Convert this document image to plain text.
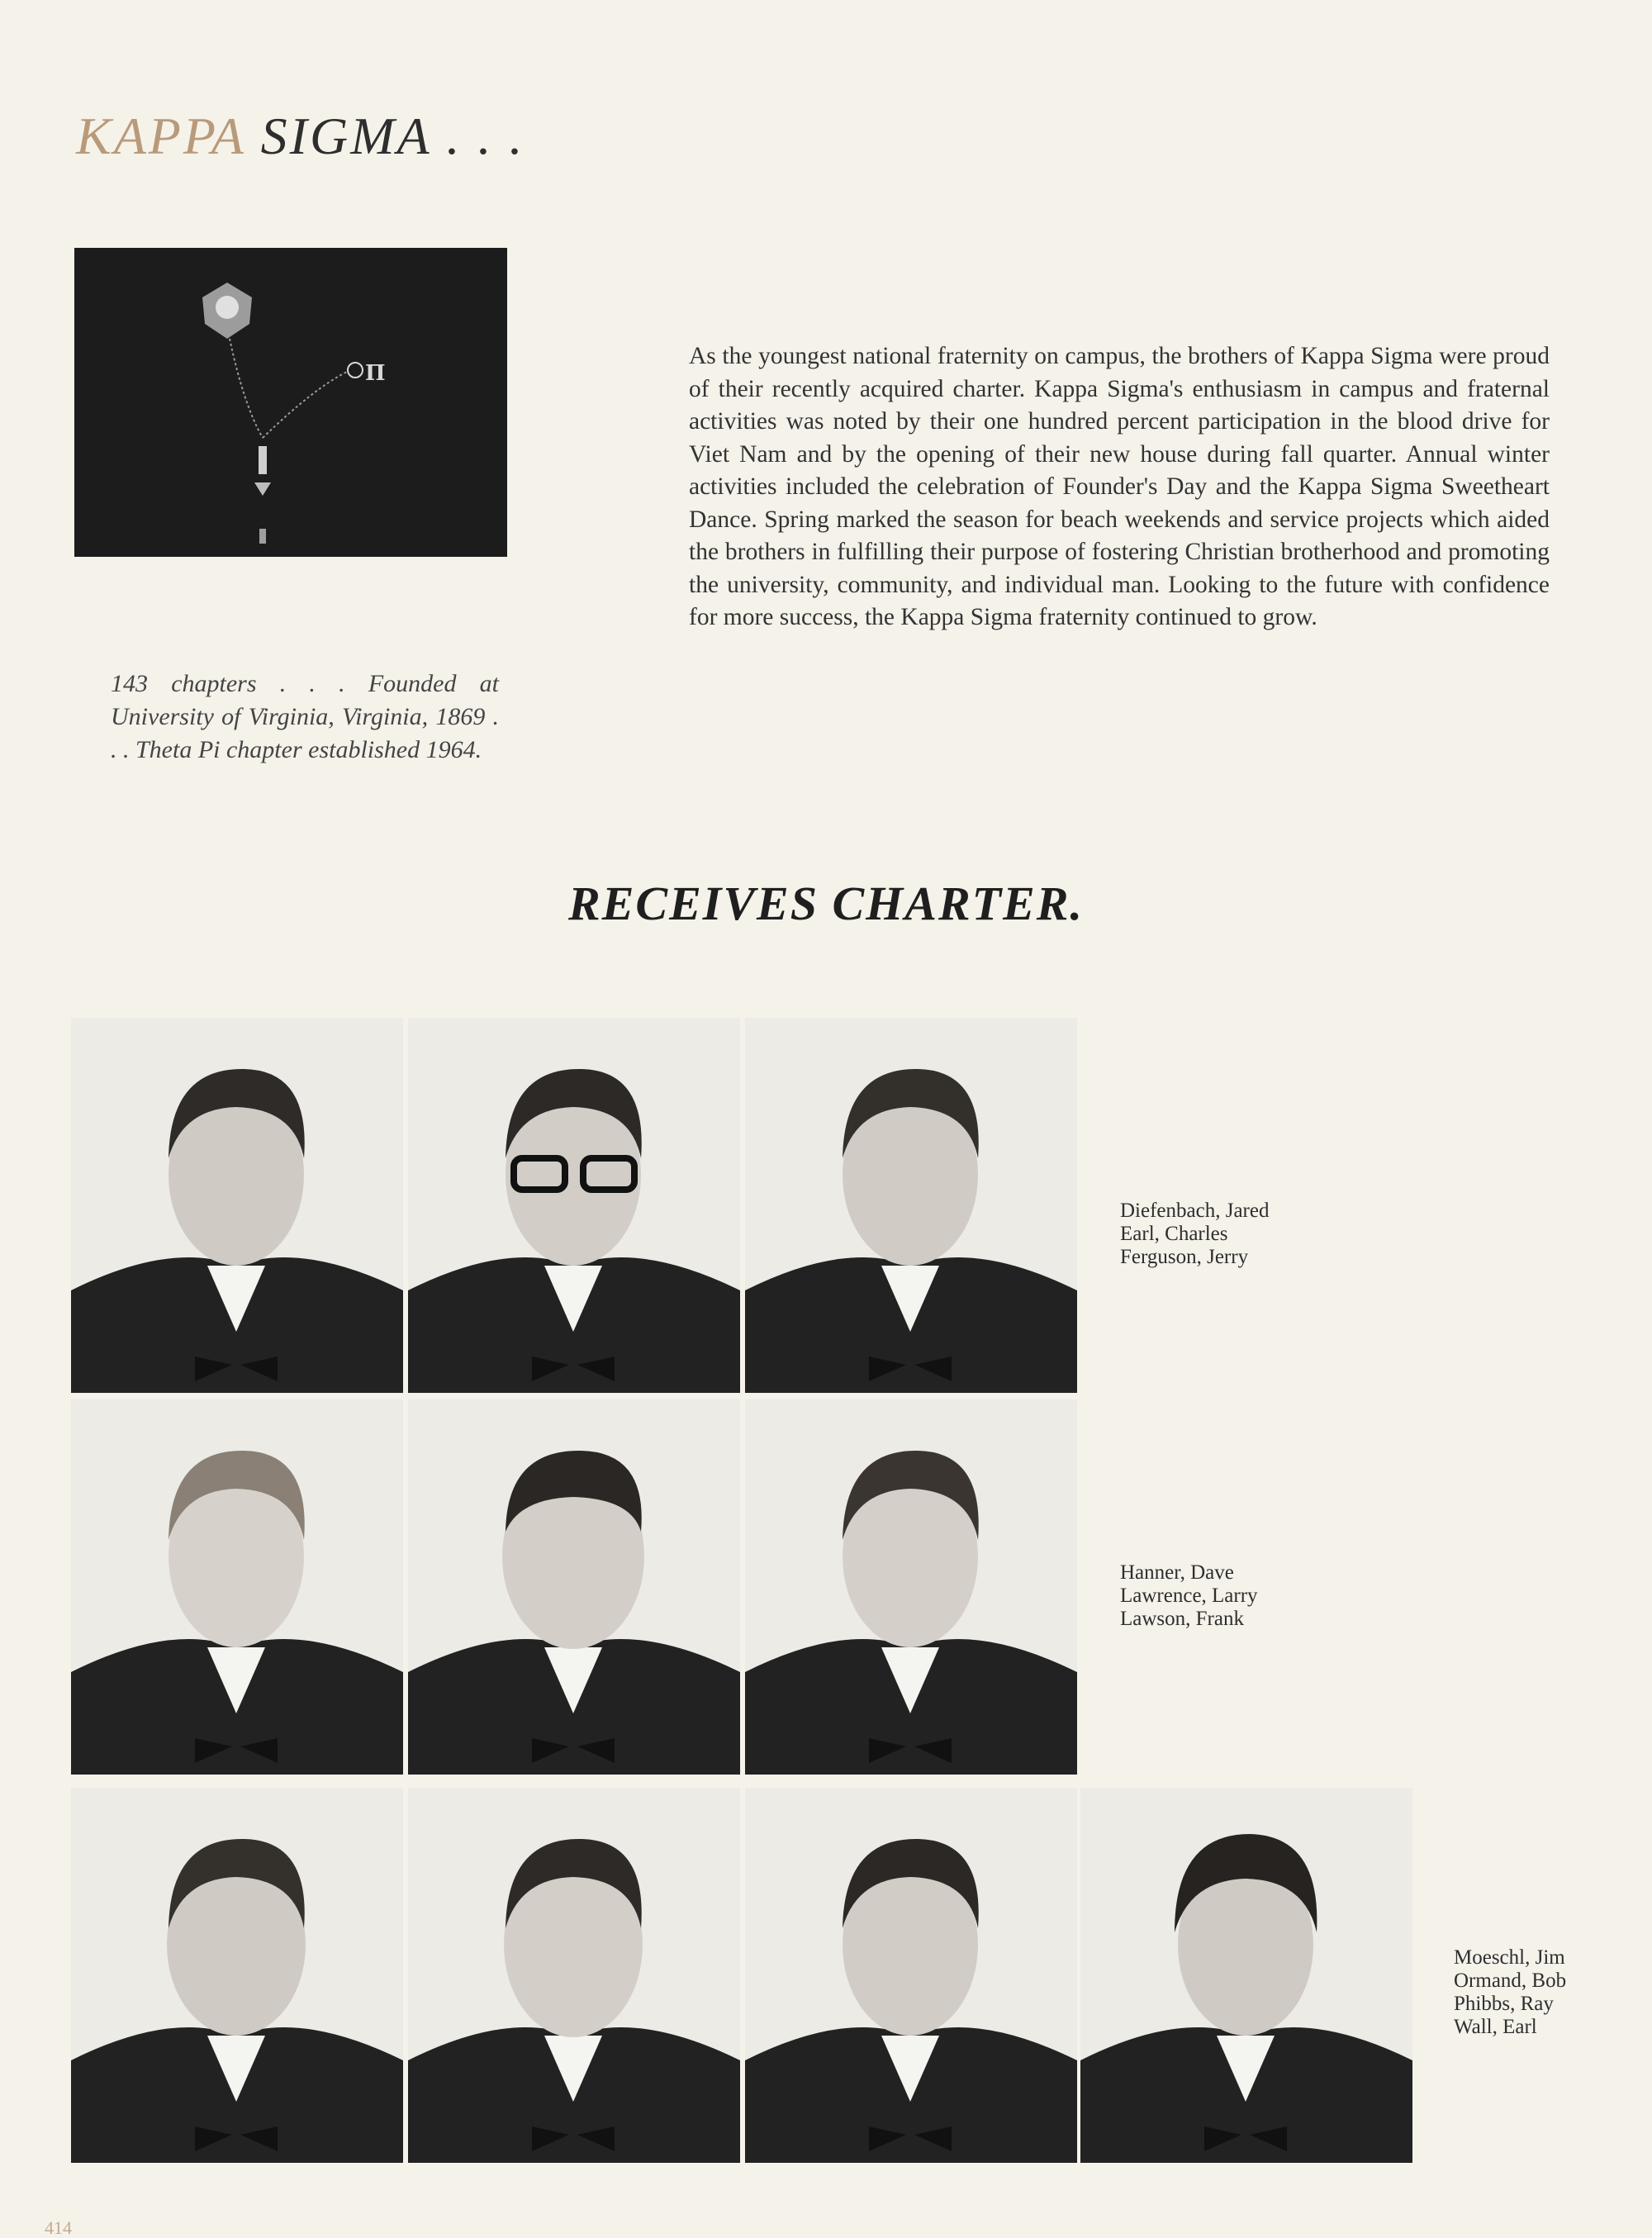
KAPPA SIGMA . . .
Π
143 chapters . . . Founded at University of Virginia, Virginia, 1869 . . . Theta Pi chapter established 1964.

As the youngest national fraternity on campus, the brothers of Kappa Sigma were proud of their recently acquired charter. Kappa Sigma's enthusiasm in campus and fraternal activities was noted by their one hundred percent participation in the blood drive for Viet Nam and by the opening of their new house during fall quarter. Annual winter activities included the celebration of Founder's Day and the Kappa Sigma Sweetheart Dance. Spring marked the season for beach weekends and service projects which aided the brothers in fulfilling their purpose of fostering Christian brotherhood and promoting the university, community, and individual man. Looking to the future with confidence for more success, the Kappa Sigma fraternity continued to grow.

RECEIVES CHARTER.
Diefenbach, Jared
Earl, Charles
Ferguson, Jerry
Hanner, Dave
Lawrence, Larry
Lawson, Frank
Moeschl, Jim
Ormand, Bob
Phibbs, Ray
Wall, Earl
414
